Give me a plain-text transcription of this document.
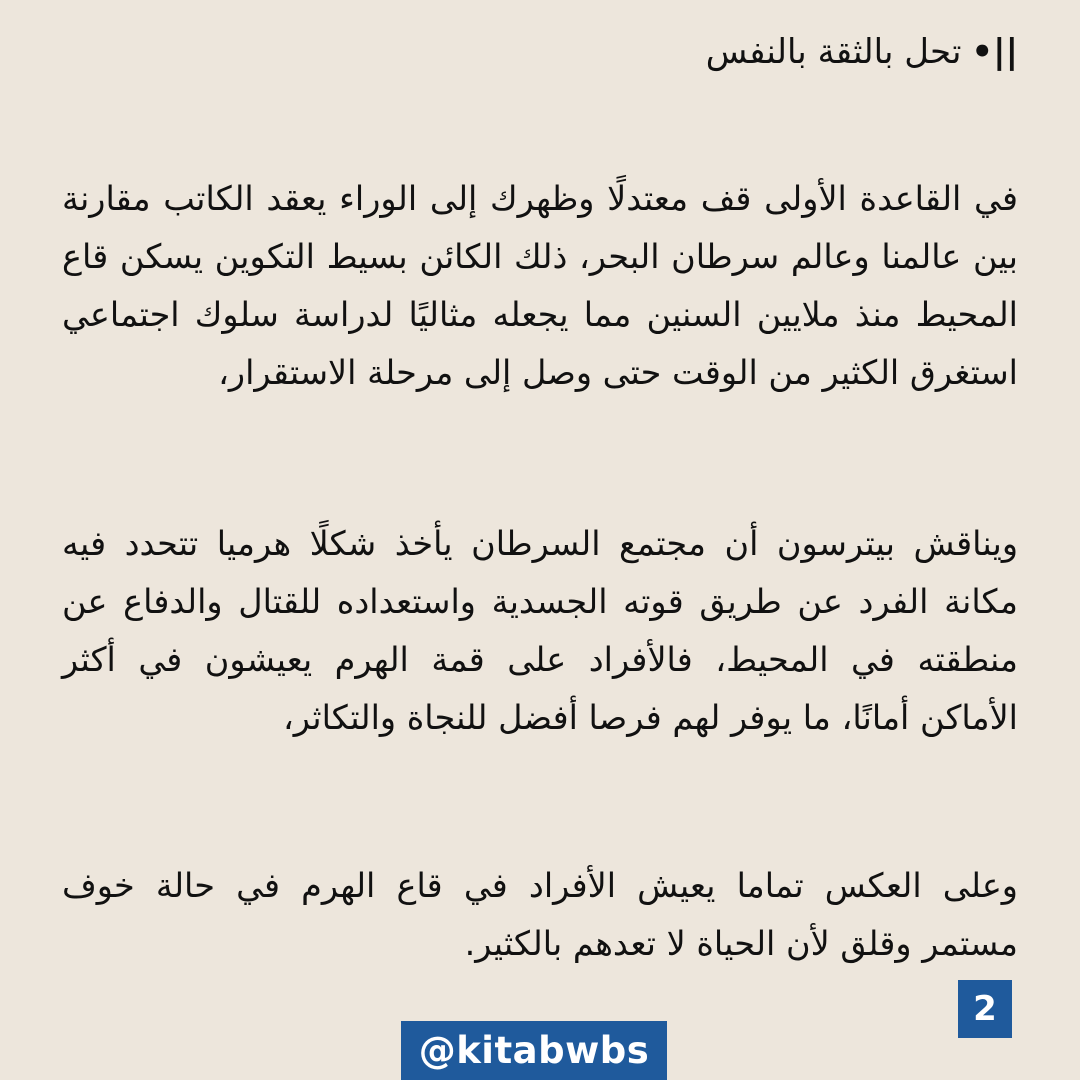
||•
تحل بالثقة بالنفس

في القاعدة الأولى قف معتدلًا وظهرك إلى الوراء يعقد الكاتب مقارنة بين عالمنا وعالم سرطان البحر، ذلك الكائن بسيط التكوين يسكن قاع المحيط منذ ملايين السنين مما يجعله مثاليًا لدراسة سلوك اجتماعي استغرق الكثير من الوقت حتى وصل إلى مرحلة الاستقرار،

ويناقش بيترسون أن مجتمع السرطان يأخذ شكلًا هرميا تتحدد فيه مكانة الفرد عن طريق قوته الجسدية واستعداده للقتال والدفاع عن منطقته في المحيط، فالأفراد على قمة الهرم يعيشون في أكثر الأماكن أمانًا، ما يوفر لهم فرصا أفضل للنجاة والتكاثر،

وعلى العكس تماما يعيش الأفراد في قاع الهرم في حالة خوف مستمر وقلق لأن الحياة لا تعدهم بالكثير.

2
@kitabwbs
